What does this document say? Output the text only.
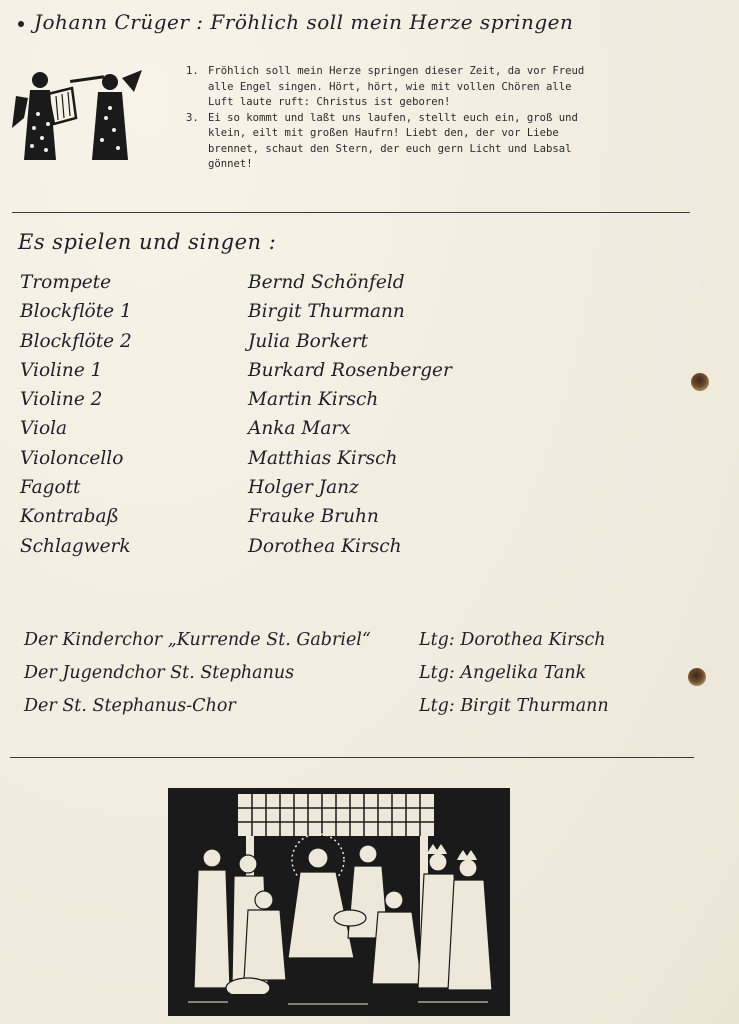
Johann Crüger : Fröhlich soll mein Herze springen
1. Fröhlich soll mein Herze springen dieser Zeit, da vor Freud
alle Engel singen. Hört, hört, wie mit vollen Chören alle
Luft laute ruft: Christus ist geboren!
3. Ei so kommt und laßt uns laufen, stellt euch ein, groß und
klein, eilt mit großen Haufrn! Liebt den, der vor Liebe
brennet, schaut den Stern, der euch gern Licht und Labsal
gönnet!
Es spielen und singen :
Trompete	Bernd Schönfeld
Blockflöte 1	Birgit Thurmann
Blockflöte 2	Julia Borkert
Violine 1	Burkard Rosenberger
Violine 2	Martin Kirsch
Viola	Anka Marx
Violoncello	Matthias Kirsch
Fagott	Holger Janz
Kontrabaß	Frauke Bruhn
Schlagwerk	Dorothea Kirsch
Der Kinderchor „Kurrende St. Gabriel“	Ltg: Dorothea Kirsch
Der Jugendchor St. Stephanus	Ltg: Angelika Tank
Der St. Stephanus-Chor	Ltg: Birgit Thurmann
